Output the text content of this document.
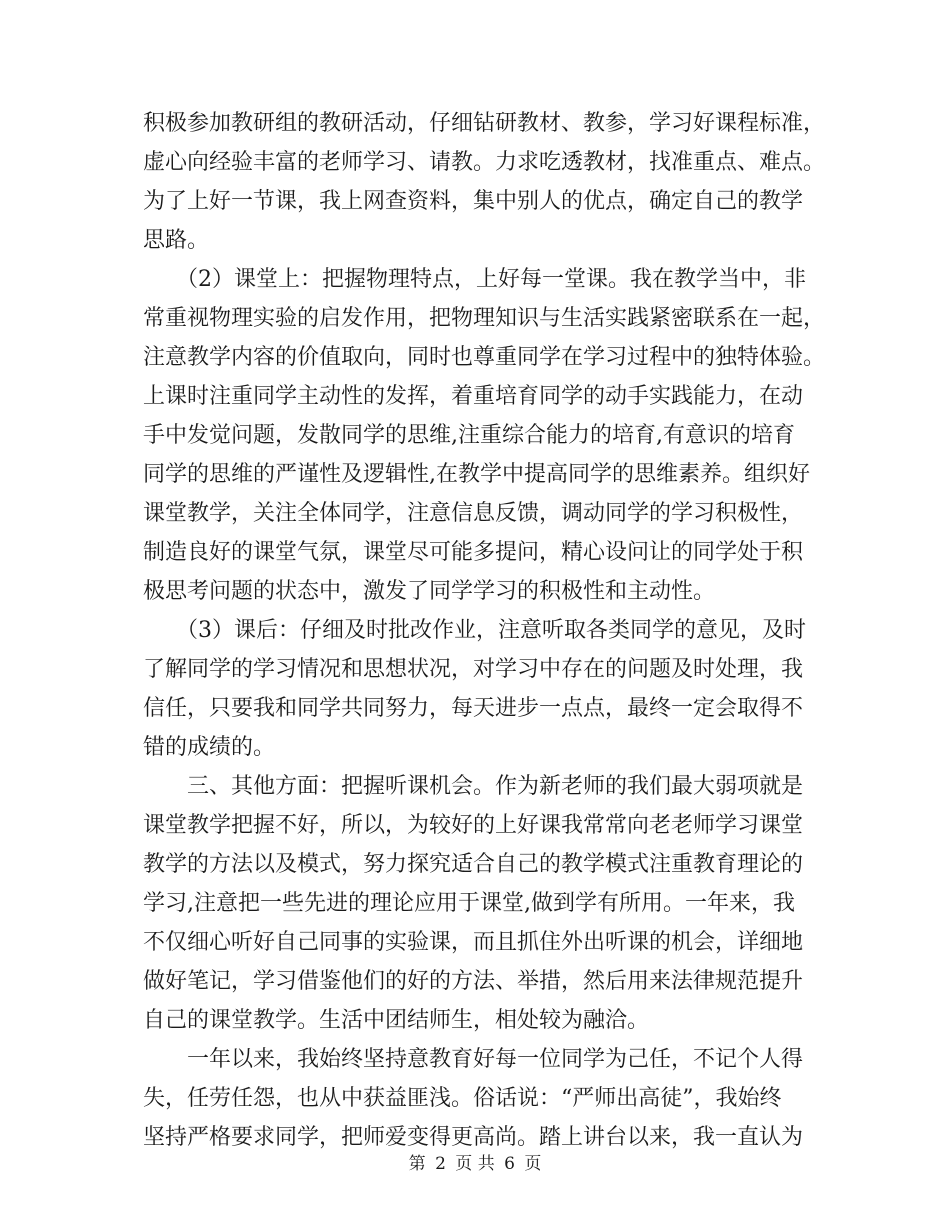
积极参加教研组的教研活动，仔细钻研教材、教参，学习好课程标准，
虚心向经验丰富的老师学习、请教。力求吃透教材，找准重点、难点。
为了上好一节课，我上网查资料，集中别人的优点，确定自己的教学
思路。
　　（2）课堂上：把握物理特点，上好每一堂课。我在教学当中，非
常重视物理实验的启发作用，把物理知识与生活实践紧密联系在一起，
注意教学内容的价值取向，同时也尊重同学在学习过程中的独特体验。
上课时注重同学主动性的发挥，着重培育同学的动手实践能力，在动
手中发觉问题，发散同学的思维,注重综合能力的培育,有意识的培育
同学的思维的严谨性及逻辑性,在教学中提高同学的思维素养。组织好
课堂教学，关注全体同学，注意信息反馈，调动同学的学习积极性，
制造良好的课堂气氛，课堂尽可能多提问，精心设问让的同学处于积
极思考问题的状态中，激发了同学学习的积极性和主动性。
　　（3）课后：仔细及时批改作业，注意听取各类同学的意见，及时
了解同学的学习情况和思想状况，对学习中存在的问题及时处理，我
信任，只要我和同学共同努力，每天进步一点点，最终一定会取得不
错的成绩的。
　　三、其他方面：把握听课机会。作为新老师的我们最大弱项就是
课堂教学把握不好，所以，为较好的上好课我常常向老老师学习课堂
教学的方法以及模式，努力探究适合自己的教学模式注重教育理论的
学习,注意把一些先进的理论应用于课堂,做到学有所用。一年来，我
不仅细心听好自己同事的实验课，而且抓住外出听课的机会，详细地
做好笔记，学习借鉴他们的好的方法、举措，然后用来法律规范提升
自己的课堂教学。生活中团结师生，相处较为融洽。
　　一年以来，我始终坚持意教育好每一位同学为己任，不记个人得
失，任劳任怨，也从中获益匪浅。俗话说：“严师出高徒”，我始终
坚持严格要求同学，把师爱变得更高尚。踏上讲台以来，我一直认为
第 2 页 共 6 页
